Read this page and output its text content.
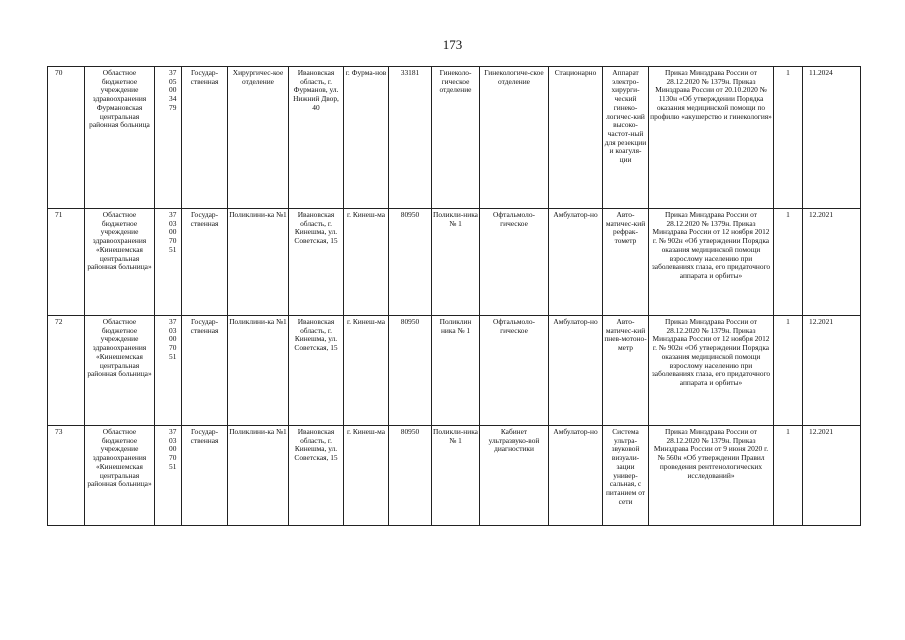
173
70	Областное бюджетное учреждение здравоохранения Фурмановская центральная районная больница	3705 0034 79	Государ-ственная	Хирургичес-кое отделение	Ивановская область, г. Фурманов, ул. Нижний Двор, 40	г. Фурма-нов	33181	Гинеколо-гическое отделение	Гинекологиче-ское отделение	Стационарно	Аппарат электро-хирурги-ческий гинеко-логичес-кий высоко-частот-ный для резекции и коагуля-ции	Приказ Минздрава России от 28.12.2020 № 1379н. Приказ Минздрава России от 20.10.2020 № 1130н «Об утверждении Порядка оказания медицинской помощи по профилю «акушерство и гинекология»	1	11.2024
71	Областное бюджетное учреждение здравоохранения «Кинешемская центральная районная больница»	3703 0070 51	Государ-ственная	Поликлини-ка №1	Ивановская область, г. Кинешма, ул. Советская, 15	г. Кинеш-ма	80950	Поликли-ника № 1	Офтальмоло-гическое	Амбулатор-но	Авто-матичес-кий рефрак-тометр	Приказ Минздрава России от 28.12.2020 № 1379н. Приказ Минздрава России от 12 ноября 2012 г. № 902н «Об утверждении Порядка оказания медицинской помощи взрослому населению при заболеваниях глаза, его придаточного аппарата и орбиты»	1	12.2021
72	Областное бюджетное учреждение здравоохранения «Кинешемская центральная районная больница»	3703 0070 51	Государ-ственная	Поликлини-ка №1	Ивановская область, г. Кинешма, ул. Советская, 15	г. Кинеш-ма	80950	Поликлин ника № 1	Офтальмоло-гическое	Амбулатор-но	Авто-матичес-кий пнев-мотоно-метр	Приказ Минздрава России от 28.12.2020 № 1379н. Приказ Минздрава России от 12 ноября 2012 г. № 902н «Об утверждении Порядка оказания медицинской помощи взрослому населению при заболеваниях глаза, его придаточного аппарата и орбиты»	1	12.2021
73	Областное бюджетное учреждение здравоохранения «Кинешемская центральная районная больница»	3703 0070 51	Государ-ственная	Поликлини-ка №1	Ивановская область, г. Кинешма, ул. Советская, 15	г. Кинеш-ма	80950	Поликли-ника № 1	Кабинет ультразвуко-вой диагностики	Амбулатор-но	Система ультра-звуковой визуали-зации универ-сальная, с питанием от сети	Приказ Минздрава России от 28.12.2020 № 1379н. Приказ Минздрава России от 9 июня 2020 г. № 560н «Об утверждении Правил проведения рентгенологических исследований»	1	12.2021
